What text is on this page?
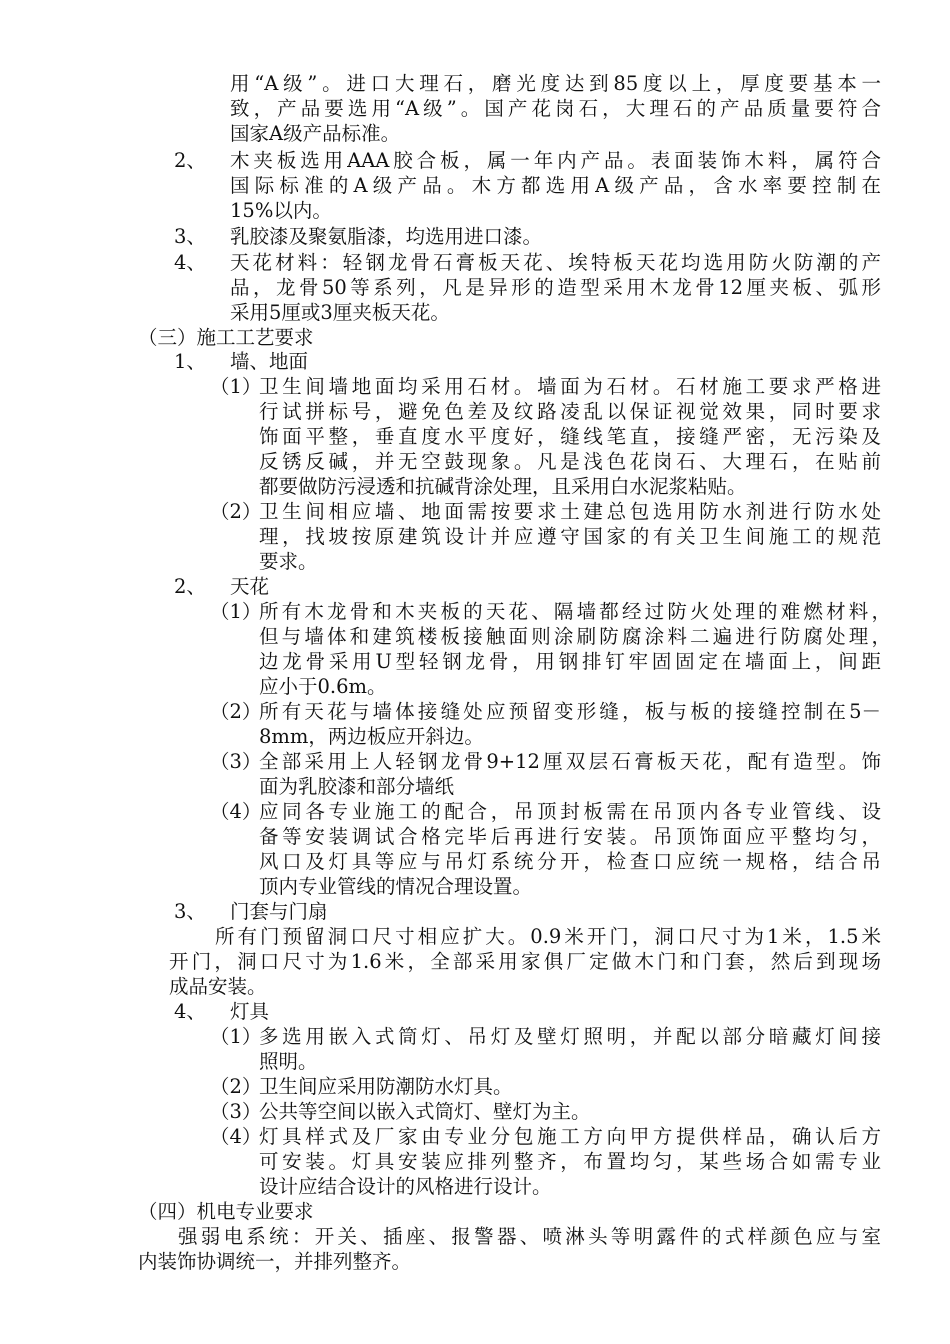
用“A级”。进口大理石，磨光度达到85度以上，厚度要基本一
致，产品要选用“A级”。国产花岗石，大理石的产品质量要符合
国家A级产品标准。
2、 木夹板选用AAA胶合板，属一年内产品。表面装饰木料，属符合
国际标准的A级产品。木方都选用A级产品，含水率要控制在
15%以内。
3、 乳胶漆及聚氨脂漆，均选用进口漆。
4、 天花材料：轻钢龙骨石膏板天花、埃特板天花均选用防火防潮的产
品，龙骨50等系列，凡是异形的造型采用木龙骨12厘夹板、弧形
采用5厘或3厘夹板天花。
（三）施工工艺要求
1、 墙、地面
（1）
卫生间墙地面均采用石材。墙面为石材。石材施工要求严格进
行试拼标号，避免色差及纹路凌乱以保证视觉效果，同时要求
饰面平整，垂直度水平度好，缝线笔直，接缝严密，无污染及
反锈反碱，并无空鼓现象。凡是浅色花岗石、大理石，在贴前
都要做防污浸透和抗碱背涂处理，且采用白水泥浆粘贴。
（2）
卫生间相应墙、地面需按要求土建总包选用防水剂进行防水处
理，找坡按原建筑设计并应遵守国家的有关卫生间施工的规范
要求。
2、 天花
（1）
所有木龙骨和木夹板的天花、隔墙都经过防火处理的难燃材料，
但与墙体和建筑楼板接触面则涂刷防腐涂料二遍进行防腐处理，
边龙骨采用U型轻钢龙骨，用钢排钉牢固固定在墙面上，间距
应小于0.6m。
（2）
所有天花与墙体接缝处应预留变形缝，板与板的接缝控制在5－
8mm，两边板应开斜边。
（3）
全部采用上人轻钢龙骨9+12厘双层石膏板天花，配有造型。饰
面为乳胶漆和部分墙纸
（4）
应同各专业施工的配合，吊顶封板需在吊顶内各专业管线、设
备等安装调试合格完毕后再进行安装。吊顶饰面应平整均匀，
风口及灯具等应与吊灯系统分开，检查口应统一规格，结合吊
顶内专业管线的情况合理设置。
3、 门套与门扇
所有门预留洞口尺寸相应扩大。0.9米开门，洞口尺寸为1米，1.5米
开门，洞口尺寸为1.6米，全部采用家俱厂定做木门和门套，然后到现场
成品安装。
4、 灯具
（1）
多选用嵌入式筒灯、吊灯及壁灯照明，并配以部分暗藏灯间接
照明。
（2）
卫生间应采用防潮防水灯具。
（3）
公共等空间以嵌入式筒灯、壁灯为主。
（4）
灯具样式及厂家由专业分包施工方向甲方提供样品，确认后方
可安装。灯具安装应排列整齐，布置均匀，某些场合如需专业
设计应结合设计的风格进行设计。
（四）机电专业要求
强弱电系统：开关、插座、报警器、喷淋头等明露件的式样颜色应与室
内装饰协调统一，并排列整齐。
